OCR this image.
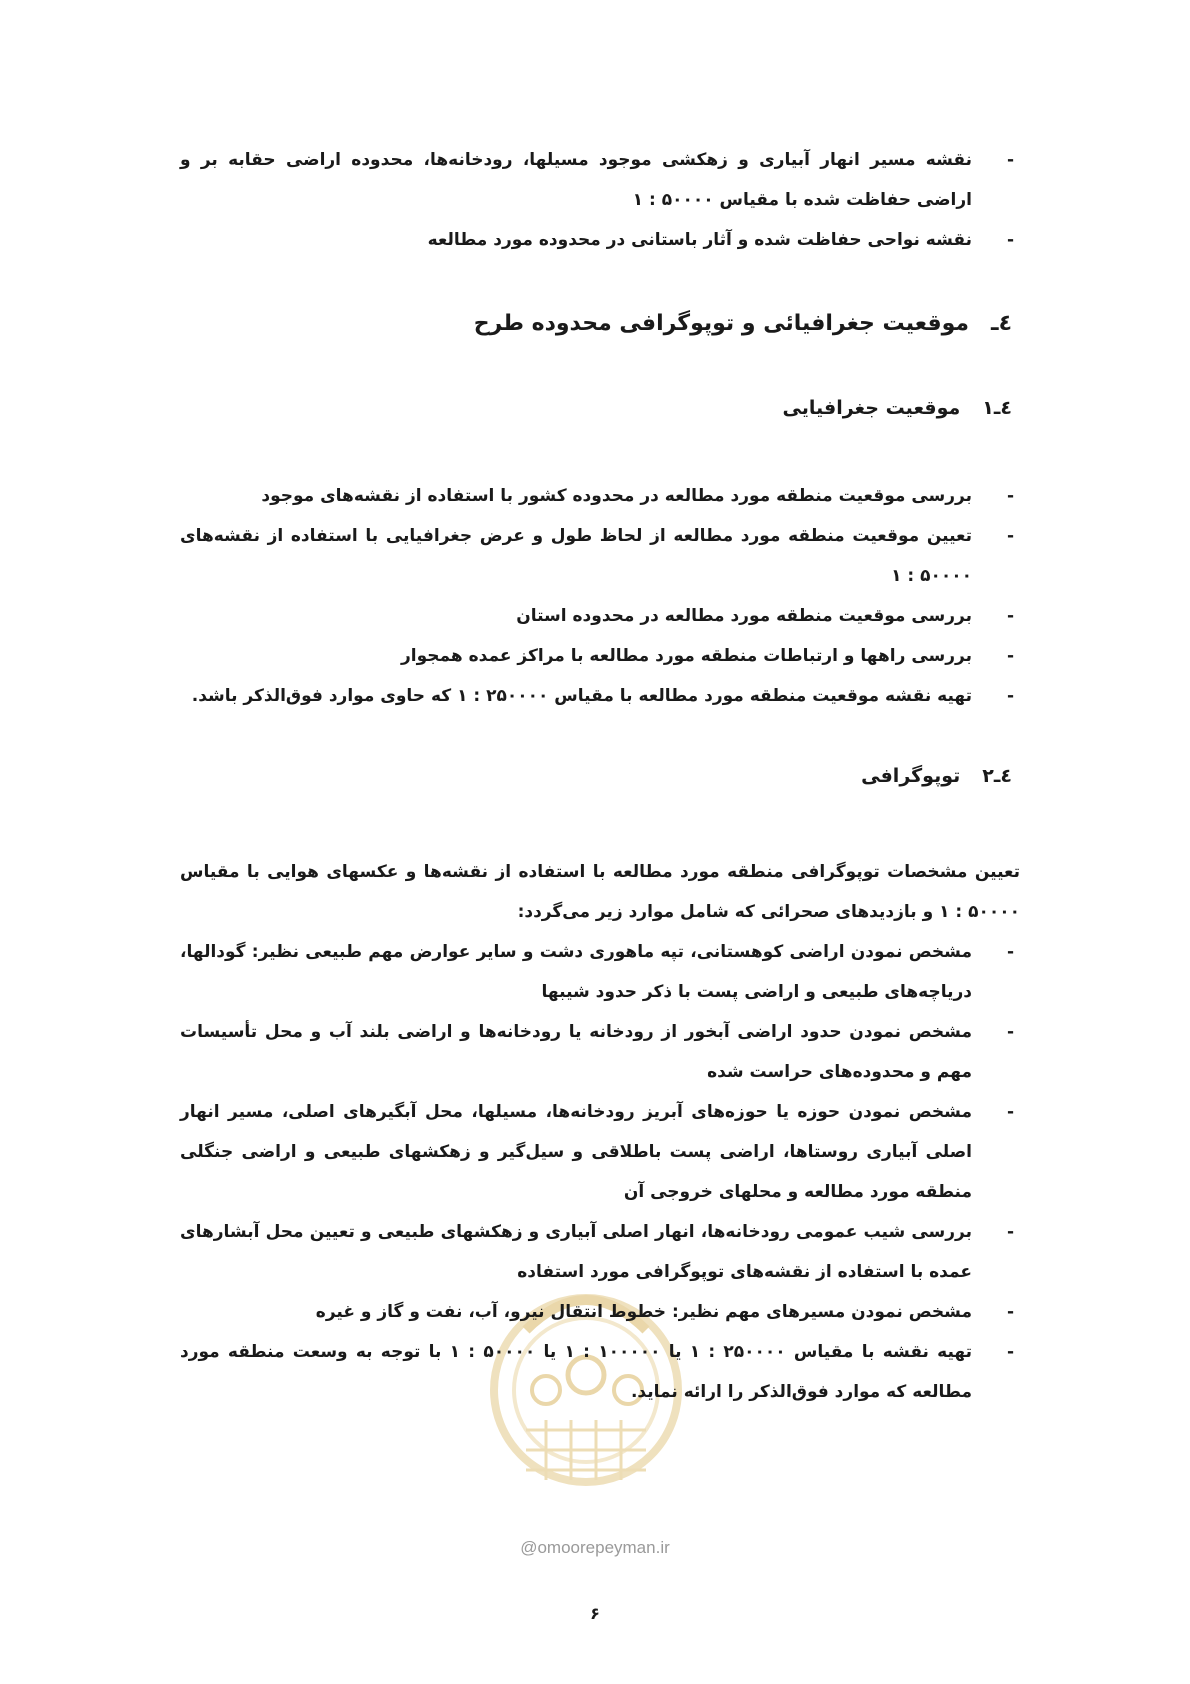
@omoorepeyman.ir
-
نقشه مسیر انهار آبیاری و زهکشی موجود مسیلها، رودخانه‌ها، محدوده اراضی حقابه بر و اراضی حفاظت شده با مقیاس ۵۰۰۰۰ : ۱
-
نقشه نواحی حفاظت شده و آثار باستانی در محدوده مورد مطالعه
٤ـموقعیت جغرافیائی و توپوگرافی محدوده طرح
٤ـ١موقعیت جغرافیایی
-
بررسی موقعیت منطقه مورد مطالعه در محدوده کشور با استفاده از نقشه‌های موجود
-
تعیین موقعیت منطقه مورد مطالعه از لحاظ طول و عرض جغرافیایی با استفاده از نقشه‌های ۵۰۰۰۰ : ۱
-
بررسی موقعیت منطقه مورد مطالعه در محدوده استان
-
بررسی راهها و ارتباطات منطقه مورد مطالعه با مراکز عمده همجوار
-
تهیه نقشه موقعیت منطقه مورد مطالعه با مقیاس ۲۵۰۰۰۰ : ۱ که حاوی موارد فوق‌الذکر باشد.
٤ـ٢توپوگرافی
تعیین مشخصات توپوگرافی منطقه مورد مطالعه با استفاده از نقشه‌ها و عکسهای هوایی با مقیاس ۵۰۰۰۰ : ۱ و بازدیدهای صحرائی که شامل موارد زیر می‌گردد:
-
مشخص نمودن اراضی کوهستانی، تپه ماهوری دشت و سایر عوارض مهم طبیعی نظیر: گودالها، دریاچه‌های طبیعی و اراضی پست با ذکر حدود شیبها
-
مشخص نمودن حدود اراضی آبخور از رودخانه یا رودخانه‌ها و اراضی بلند آب و محل تأسیسات مهم و محدوده‌های حراست شده
-
مشخص نمودن حوزه یا حوزه‌های آبریز رودخانه‌ها، مسیلها، محل آبگیرهای اصلی، مسیر انهار اصلی آبیاری روستاها، اراضی پست باطلاقی و سیل‌گیر و زهکشهای طبیعی و اراضی جنگلی منطقه مورد مطالعه و محلهای خروجی آن
-
بررسی شیب عمومی رودخانه‌ها، انهار اصلی آبیاری و زهکشهای طبیعی و تعیین محل آبشارهای عمده با استفاده از نقشه‌های توپوگرافی مورد استفاده
-
مشخص نمودن مسیرهای مهم نظیر: خطوط انتقال نیرو، آب، نفت و گاز و غیره
-
تهیه نقشه با مقیاس ۲۵۰۰۰۰ : ۱ یا ۱۰۰۰۰۰ : ۱ یا ۵۰۰۰۰ : ۱ با توجه به وسعت منطقه مورد مطالعه که موارد فوق‌الذکر را ارائه نماید.
۶
